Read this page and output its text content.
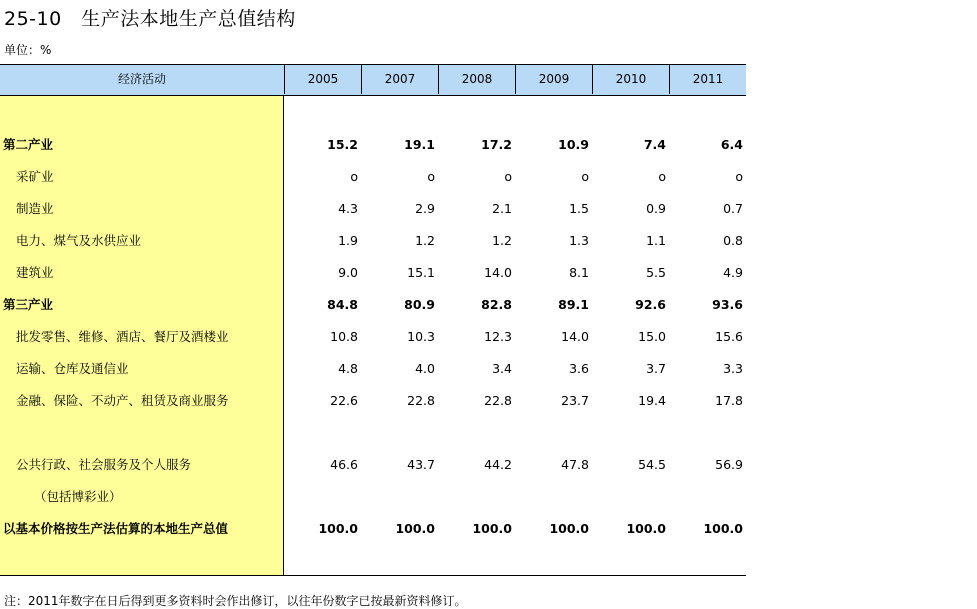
25-10　生产法本地生产总值结构
单位：%
经济活动	2005	2007	2008	2009	2010	2011
第二产业	15.2	19.1	17.2	10.9	7.4	6.4
采矿业	o	o	o	o	o	o
制造业	4.3	2.9	2.1	1.5	0.9	0.7
电力、煤气及水供应业	1.9	1.2	1.2	1.3	1.1	0.8
建筑业	9.0	15.1	14.0	8.1	5.5	4.9
第三产业	84.8	80.9	82.8	89.1	92.6	93.6
批发零售、维修、酒店、餐厅及酒楼业	10.8	10.3	12.3	14.0	15.0	15.6
运输、仓库及通信业	4.8	4.0	3.4	3.6	3.7	3.3
金融、保险、不动产、租赁及商业服务	22.6	22.8	22.8	23.7	19.4	17.8
公共行政、社会服务及个人服务	46.6	43.7	44.2	47.8	54.5	56.9
（包括博彩业）
以基本价格按生产法估算的本地生产总值	100.0	100.0	100.0	100.0	100.0	100.0
注：2011年数字在日后得到更多资料时会作出修订，以往年份数字已按最新资料修订。
